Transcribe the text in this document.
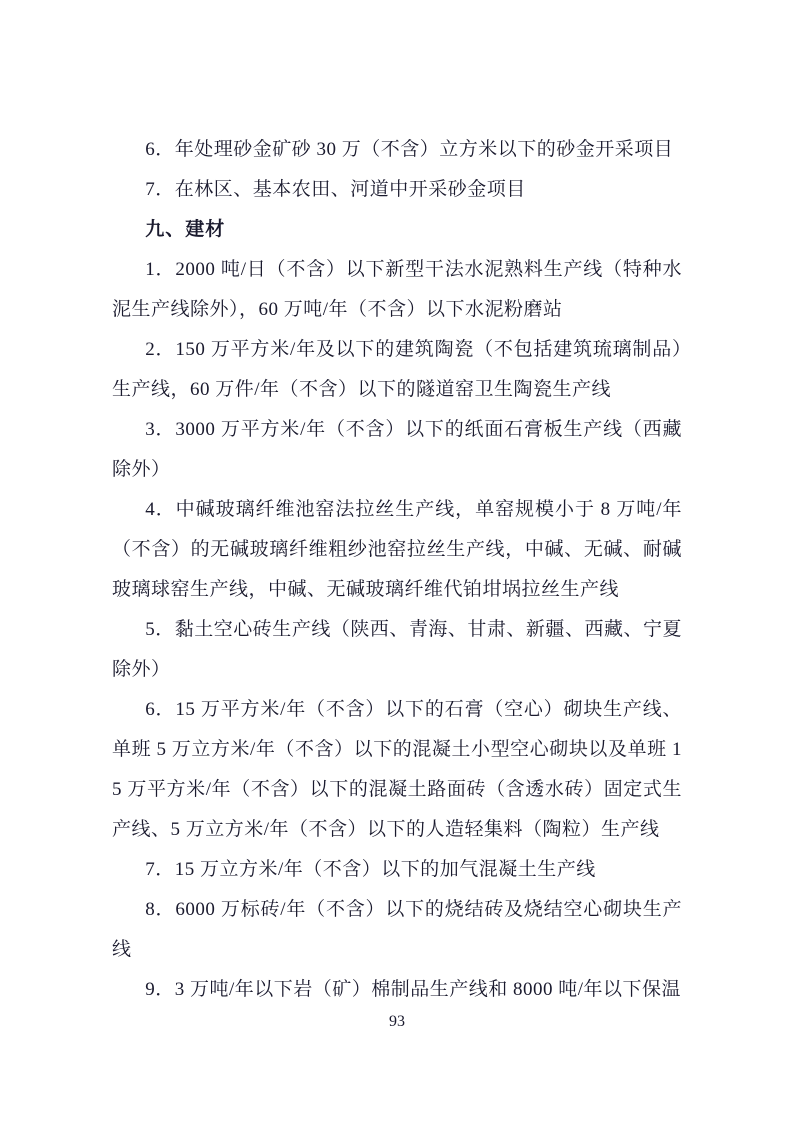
6．年处理砂金矿砂 30 万（不含）立方米以下的砂金开采项目

7．在林区、基本农田、河道中开采砂金项目

九、建材

1．2000 吨/日（不含）以下新型干法水泥熟料生产线（特种水泥生产线除外），60 万吨/年（不含）以下水泥粉磨站

2．150 万平方米/年及以下的建筑陶瓷（不包括建筑琉璃制品）生产线，60 万件/年（不含）以下的隧道窑卫生陶瓷生产线

3．3000 万平方米/年（不含）以下的纸面石膏板生产线（西藏除外）

4．中碱玻璃纤维池窑法拉丝生产线，单窑规模小于 8 万吨/年（不含）的无碱玻璃纤维粗纱池窑拉丝生产线，中碱、无碱、耐碱玻璃球窑生产线，中碱、无碱玻璃纤维代铂坩埚拉丝生产线

5．黏土空心砖生产线（陕西、青海、甘肃、新疆、西藏、宁夏除外）

6．15 万平方米/年（不含）以下的石膏（空心）砌块生产线、单班 5 万立方米/年（不含）以下的混凝土小型空心砌块以及单班 15 万平方米/年（不含）以下的混凝土路面砖（含透水砖）固定式生产线、5 万立方米/年（不含）以下的人造轻集料（陶粒）生产线

7．15 万立方米/年（不含）以下的加气混凝土生产线

8．6000 万标砖/年（不含）以下的烧结砖及烧结空心砌块生产线

9．3 万吨/年以下岩（矿）棉制品生产线和 8000 吨/年以下保温

93
